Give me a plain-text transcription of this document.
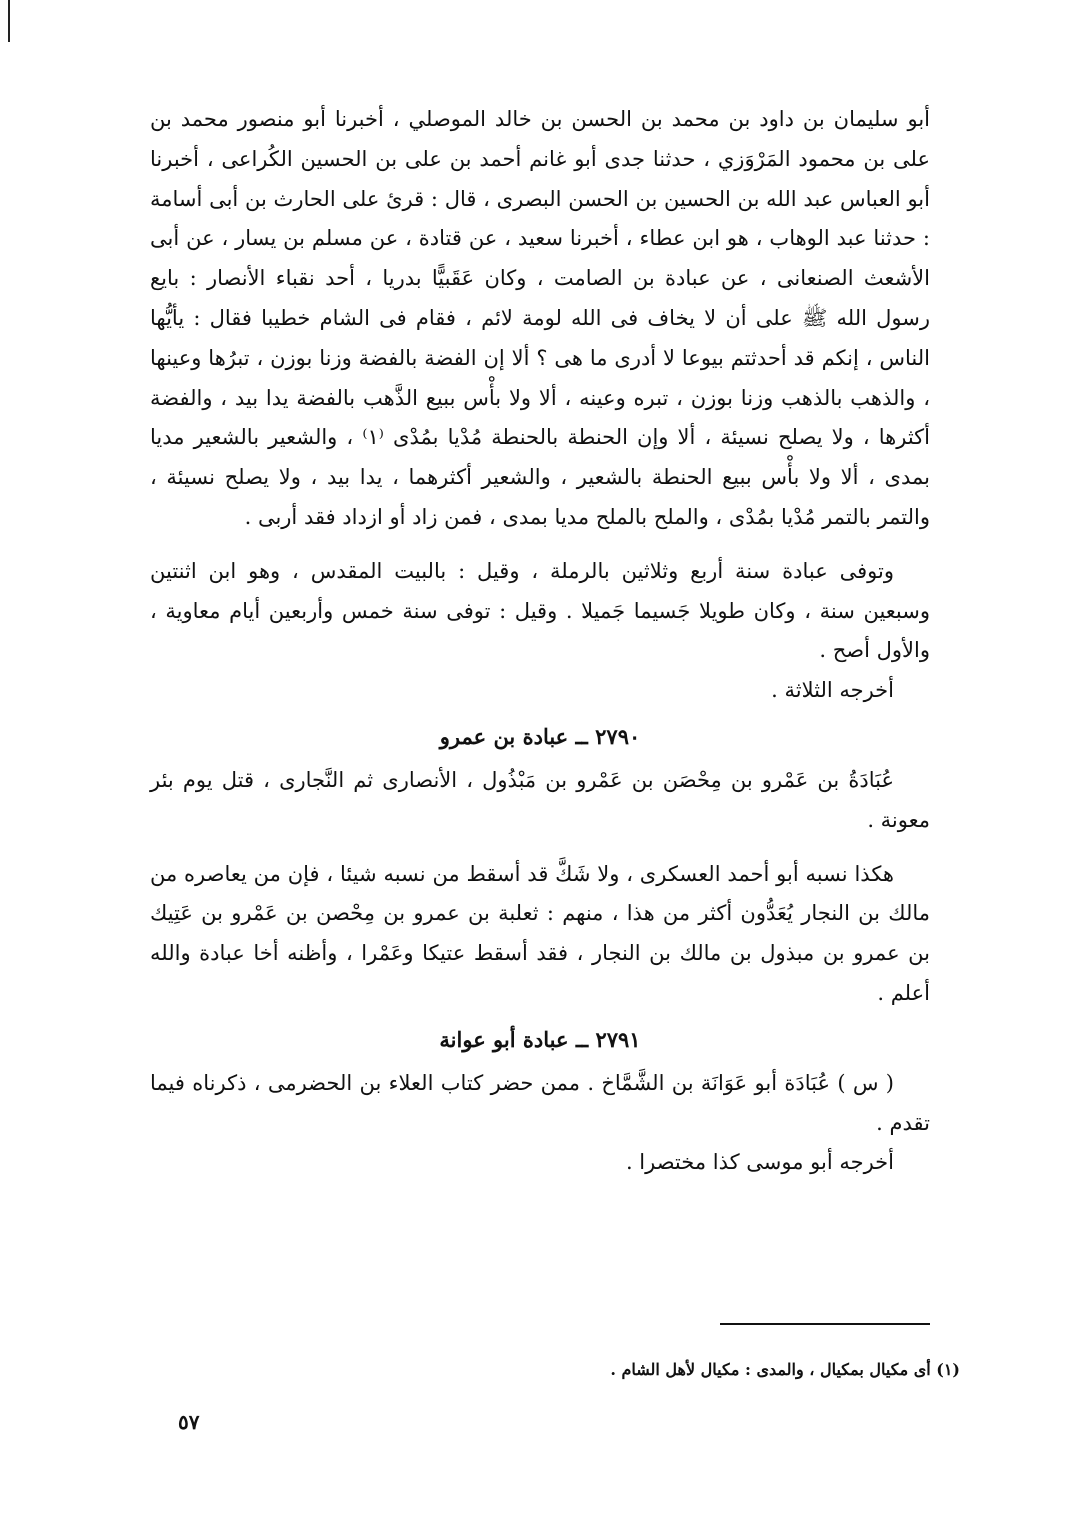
أبو سليمان بن داود بن محمد بن الحسن بن خالد الموصلي ، أخبرنا أبو منصور محمد بن على بن محمود المَرْوَزي ، حدثنا جدى أبو غانم أحمد بن على بن الحسين الكُراعى ، أخبرنا أبو العباس عبد الله بن الحسين بن الحسن البصرى ، قال : قرئ على الحارث بن أبى أسامة : حدثنا عبد الوهاب ، هو ابن عطاء ، أخبرنا سعيد ، عن قتادة ، عن مسلم بن يسار ، عن أبى الأشعث الصنعانى ، عن عبادة بن الصامت ، وكان عَقَبيًّا بدريا ، أحد نقباء الأنصار : بايع رسول الله ﷺ على أن لا يخاف فى الله لومة لائم ، فقام فى الشام خطيبا فقال : يأيُّها الناس ، إنكم قد أحدثتم بيوعا لا أدرى ما هى ؟ ألا إن الفضة بالفضة وزنا بوزن ، تبرُها وعينها ، والذهب بالذهب وزنا بوزن ، تبره وعينه ، ألا ولا بأْس ببيع الذَّهب بالفضة يدا بيد ، والفضة أكثرها ، ولا يصلح نسيئة ، ألا وإن الحنطة بالحنطة مُدْيا بمُدْى ⁽١⁾ ، والشعير بالشعير مديا بمدى ، ألا ولا بأْس ببيع الحنطة بالشعير ، والشعير أكثرهما ، يدا بيد ، ولا يصلح نسيئة ، والتمر بالتمر مُدْيا بمُدْى ، والملح بالملح مديا بمدى ، فمن زاد أو ازداد فقد أربى .

وتوفى عبادة سنة أربع وثلاثين بالرملة ، وقيل : بالبيت المقدس ، وهو ابن اثنتين وسبعين سنة ، وكان طويلا جَسيما جَميلا . وقيل : توفى سنة خمس وأربعين أيام معاوية ، والأول أصح .

أخرجه الثلاثة .

٢٧٩٠ ــ عبادة بن عمرو

عُبَادَةُ بن عَمْرو بن مِحْصَن بن عَمْرو بن مَبْذُول ، الأنصارى ثم النَّجارى ، قتل يوم بئر معونة .

هكذا نسبه أبو أحمد العسكرى ، ولا شَكَّ قد أسقط من نسبه شيئا ، فإن من يعاصره من مالك بن النجار يُعَدُّون أكثر من هذا ، منهم : ثعلبة بن عمرو بن مِحْصن بن عَمْرو بن عَتِيك بن عمرو بن مبذول بن مالك بن النجار ، فقد أسقط عتيكا وعَمْرا ، وأظنه أخا عبادة والله أعلم .

٢٧٩١ ــ عبادة أبو عوانة

( س ) عُبَادَة أبو عَوَانَة بن الشَّمَّاخ . ممن حضر كتاب العلاء بن الحضرمى ، ذكرناه فيما تقدم .

أخرجه أبو موسى كذا مختصرا .

(١) أى مكيال بمكيال ، والمدى : مكيال لأهل الشام .
٥٧
